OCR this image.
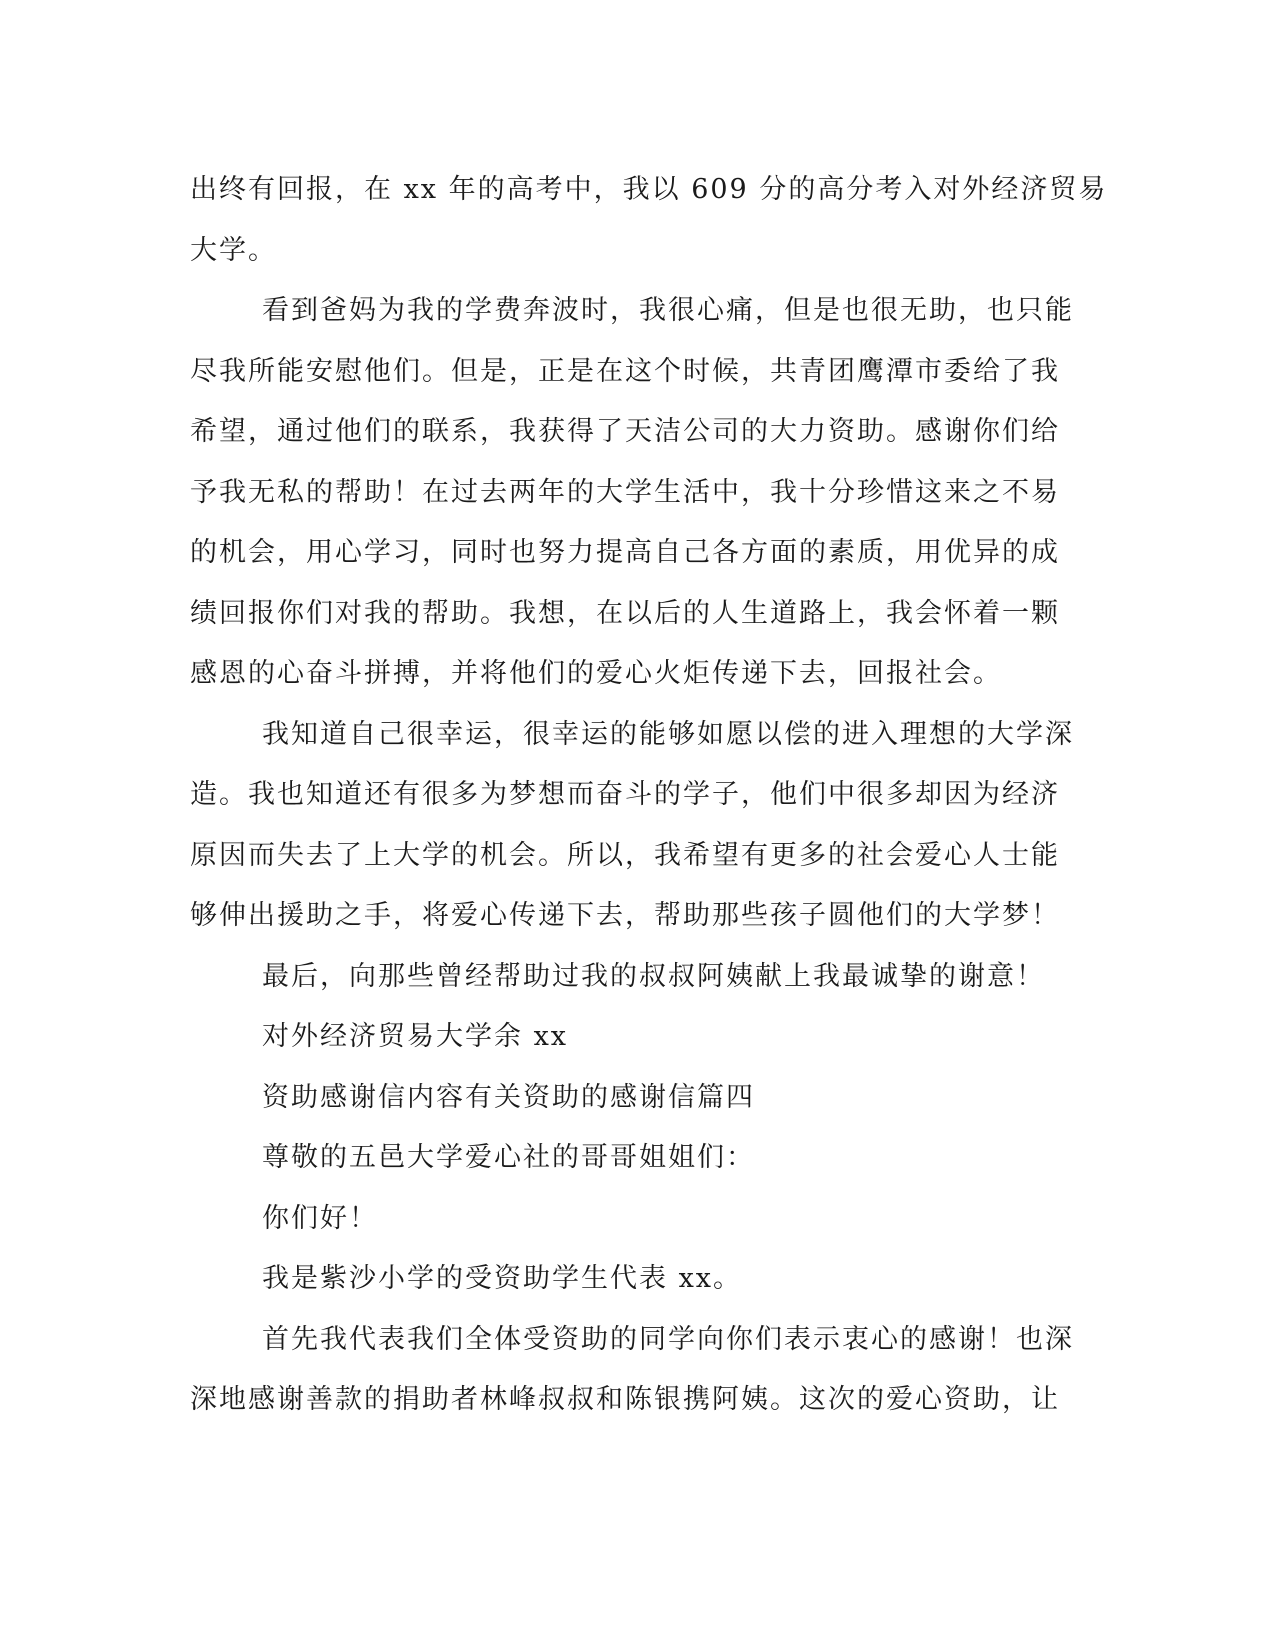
出终有回报，在 xx 年的高考中，我以 609 分的高分考入对外经济贸易
大学。
看到爸妈为我的学费奔波时，我很心痛，但是也很无助，也只能
尽我所能安慰他们。但是，正是在这个时候，共青团鹰潭市委给了我
希望，通过他们的联系，我获得了天洁公司的大力资助。感谢你们给
予我无私的帮助！在过去两年的大学生活中，我十分珍惜这来之不易
的机会，用心学习，同时也努力提高自己各方面的素质，用优异的成
绩回报你们对我的帮助。我想，在以后的人生道路上，我会怀着一颗
感恩的心奋斗拼搏，并将他们的爱心火炬传递下去，回报社会。
我知道自己很幸运，很幸运的能够如愿以偿的进入理想的大学深
造。我也知道还有很多为梦想而奋斗的学子，他们中很多却因为经济
原因而失去了上大学的机会。所以，我希望有更多的社会爱心人士能
够伸出援助之手，将爱心传递下去，帮助那些孩子圆他们的大学梦！
最后，向那些曾经帮助过我的叔叔阿姨献上我最诚挚的谢意！
对外经济贸易大学余 xx
资助感谢信内容有关资助的感谢信篇四
尊敬的五邑大学爱心社的哥哥姐姐们：
你们好！
我是紫沙小学的受资助学生代表 xx。
首先我代表我们全体受资助的同学向你们表示衷心的感谢！也深
深地感谢善款的捐助者林峰叔叔和陈银携阿姨。这次的爱心资助，让
